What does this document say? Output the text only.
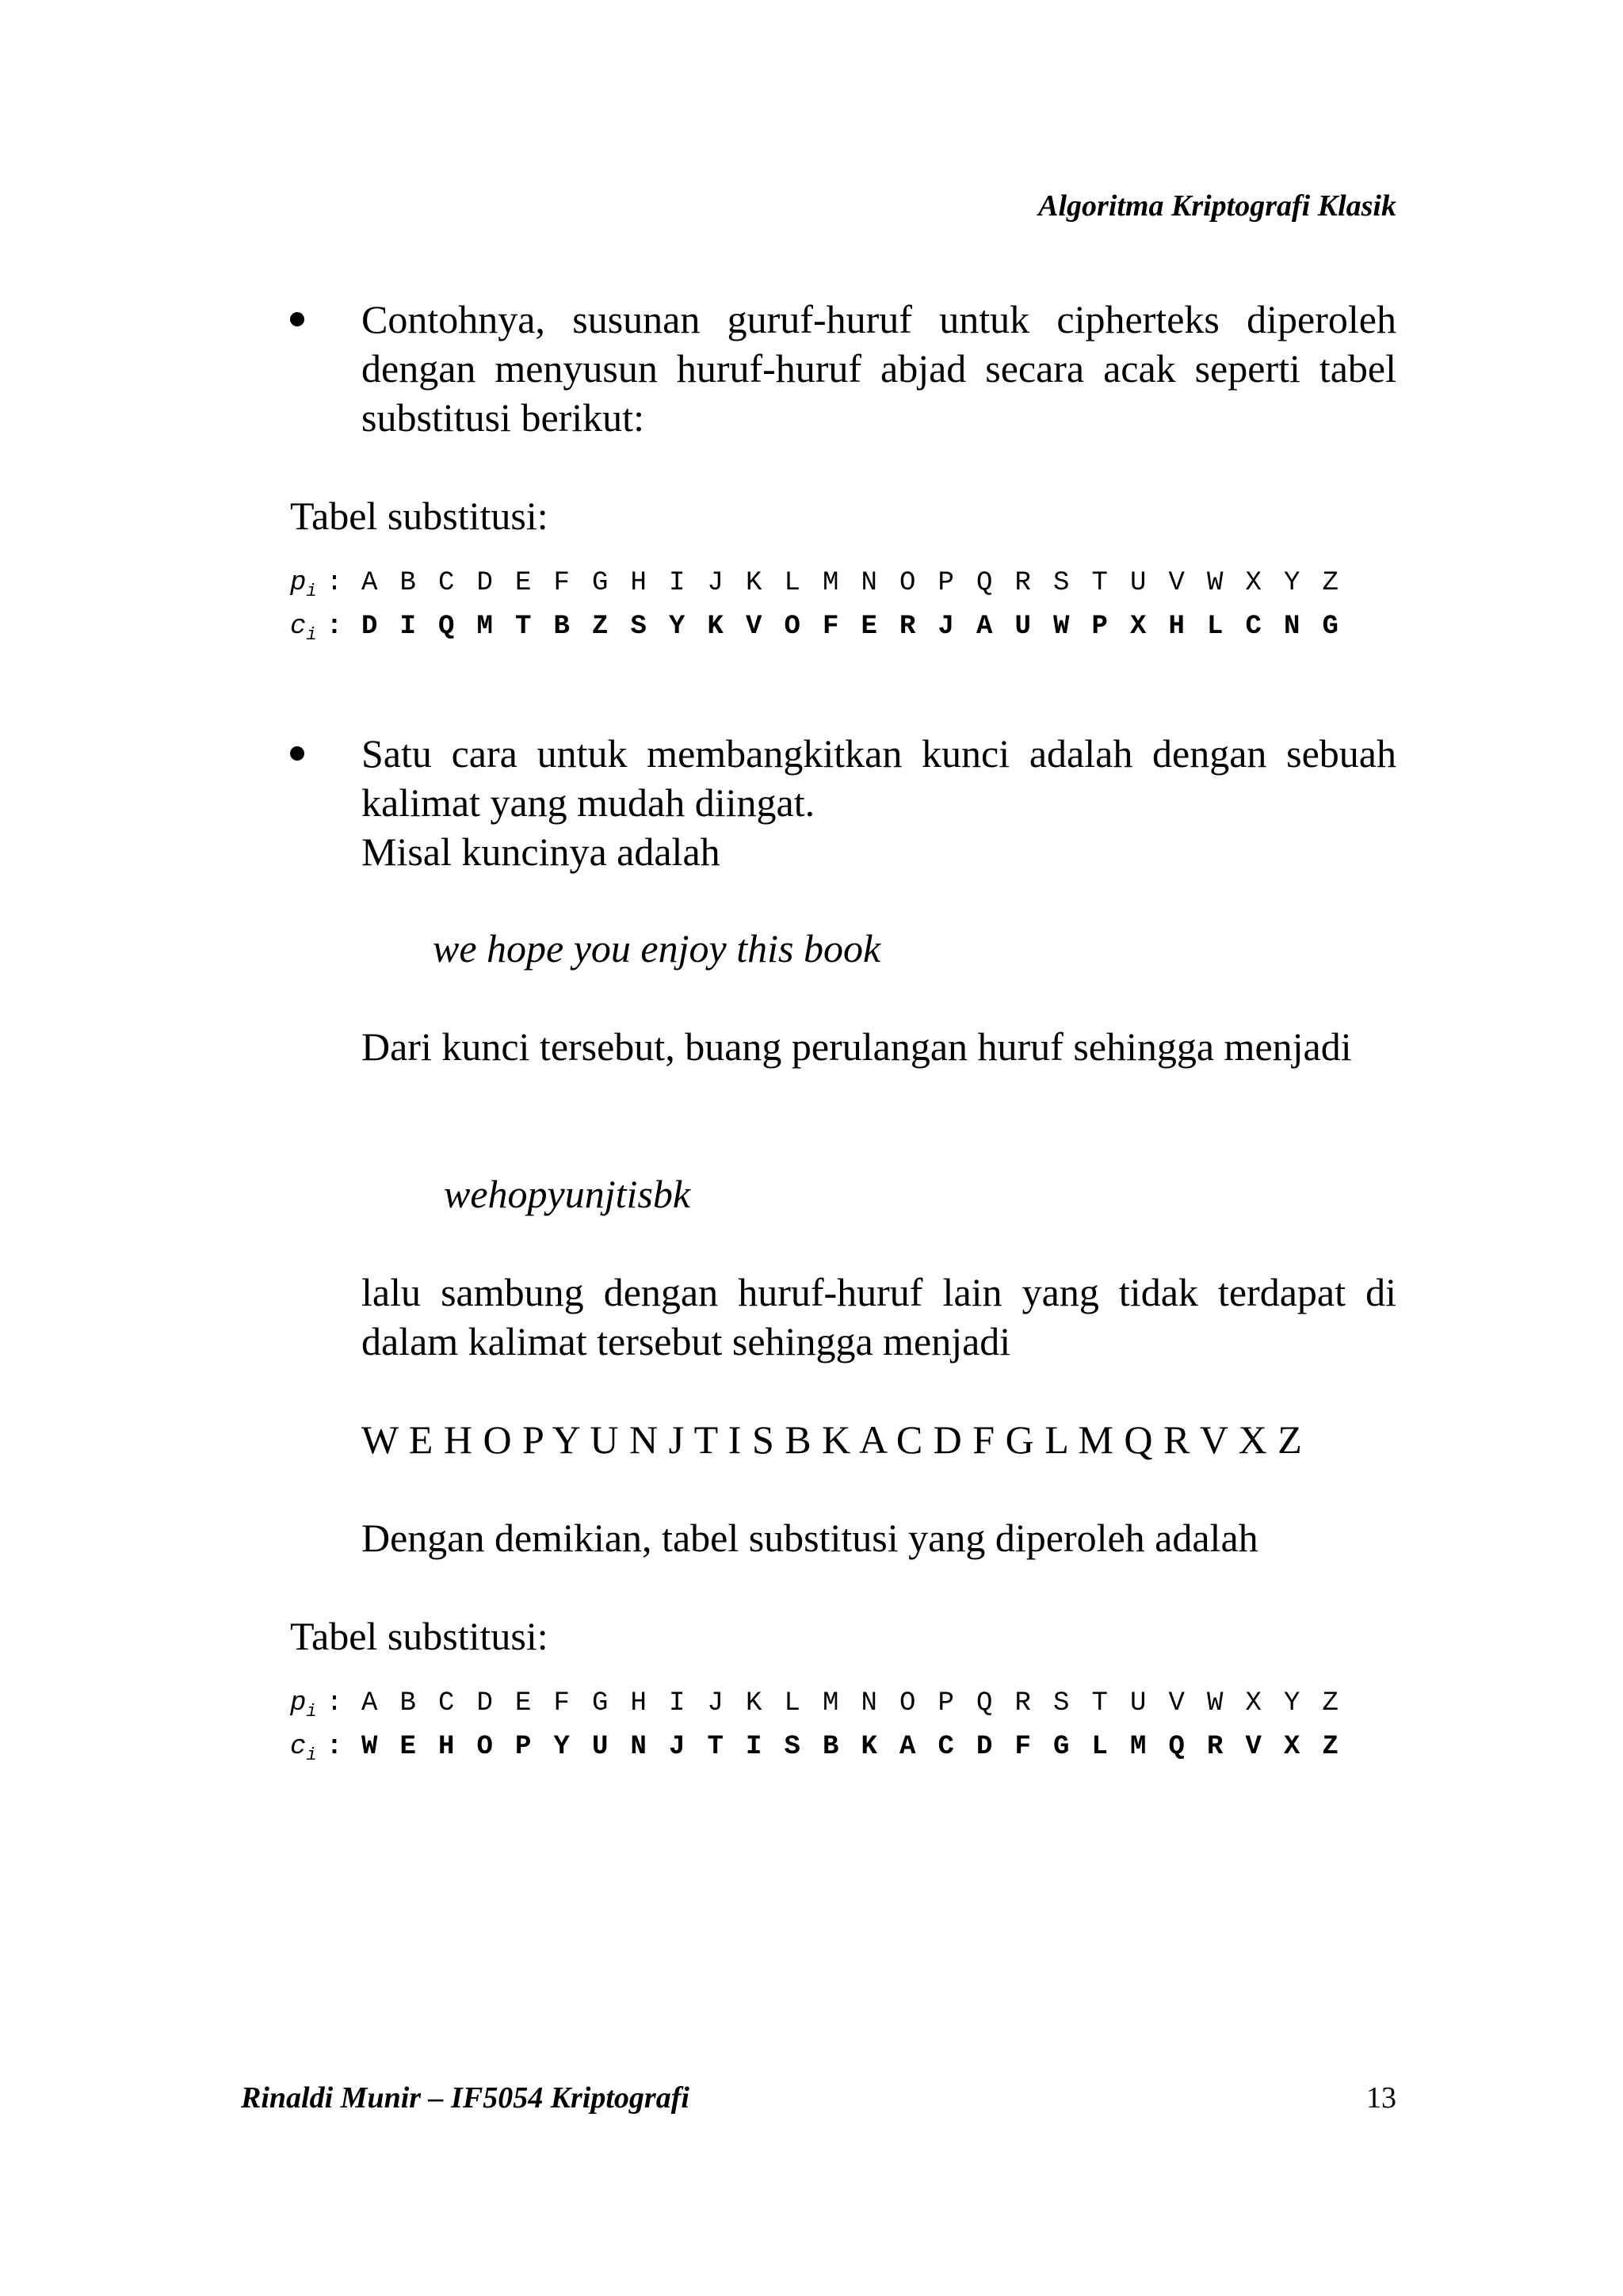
Algoritma Kriptografi Klasik
Contohnya, susunan guruf-huruf untuk cipherteks diperoleh dengan menyusun huruf-huruf abjad secara acak seperti tabel substitusi berikut:
Tabel substitusi:
$p_i$ : A B C D E F G H I J K L M N O P Q R S T U V W X Y Z
$c_i$ : D I Q M T B Z S Y K V O F E R J A U W P X H L C N G
Satu cara untuk membangkitkan kunci adalah dengan sebuah kalimat yang mudah diingat.
Misal kuncinya adalah
we hope you enjoy this book
Dari kunci tersebut, buang perulangan huruf sehingga menjadi
wehopyunjtisbk
lalu sambung dengan huruf-huruf lain yang tidak terdapat di dalam kalimat tersebut sehingga menjadi
W E H O P Y U N J T I S B K A C D F G L M Q R V X Z
Dengan demikian, tabel substitusi yang diperoleh adalah
Tabel substitusi:
$p_i$ : A B C D E F G H I J K L M N O P Q R S T U V W X Y Z
$c_i$ : W E H O P Y U N J T I S B K A C D F G L M Q R V X Z
Rinaldi Munir – IF5054 Kriptografi	13
